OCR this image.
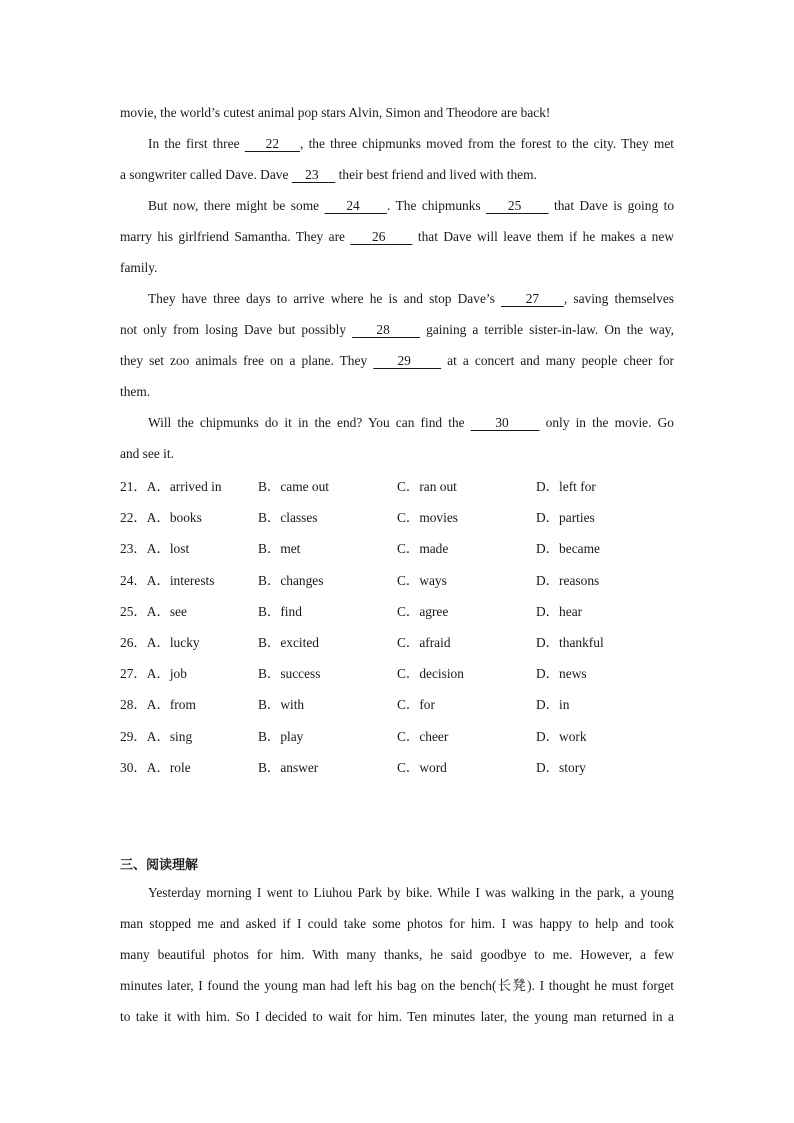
movie, the world’s cutest animal pop stars Alvin, Simon and Theodore are back!
In the first three     22    , the three chipmunks moved from the forest to the city. They met
a songwriter called Dave. Dave     23      their best friend and lived with them.
But now, there might be some     24     . The chipmunks     25      that Dave is going to
marry his girlfriend Samantha. They are     26      that Dave will leave them if he makes a new
family.
They have three days to arrive where he is and stop Dave’s     27    , saving themselves
not only from losing Dave but possibly     28      gaining a terrible sister-in-law. On the way,
they set zoo animals free on a plane. They     29      at a concert and many people cheer for
them.
Will the chipmunks do it in the end? You can find the     30      only in the movie. Go
and see it.
21．A．arrived in	B．came out	C．ran out	D．left for
22．A．books	B．classes	C．movies	D．parties
23．A．lost	B．met	C．made	D．became
24．A．interests	B．changes	C．ways	D．reasons
25．A．see	B．find	C．agree	D．hear
26．A．lucky	B．excited	C．afraid	D．thankful
27．A．job	B．success	C．decision	D．news
28．A．from	B．with	C．for	D．in
29．A．sing	B．play	C．cheer	D．work
30．A．role	B．answer	C．word	D．story
三、阅读理解
Yesterday morning I went to Liuhou Park by bike. While I was walking in the park, a young
man stopped me and asked if I could take some photos for him. I was happy to help and took
many beautiful photos for him. With many thanks, he said goodbye to me. However, a few
minutes later, I found the young man had left his bag on the bench(长凳). I thought he must forget
to take it with him. So I decided to wait for him. Ten minutes later, the young man returned in a
